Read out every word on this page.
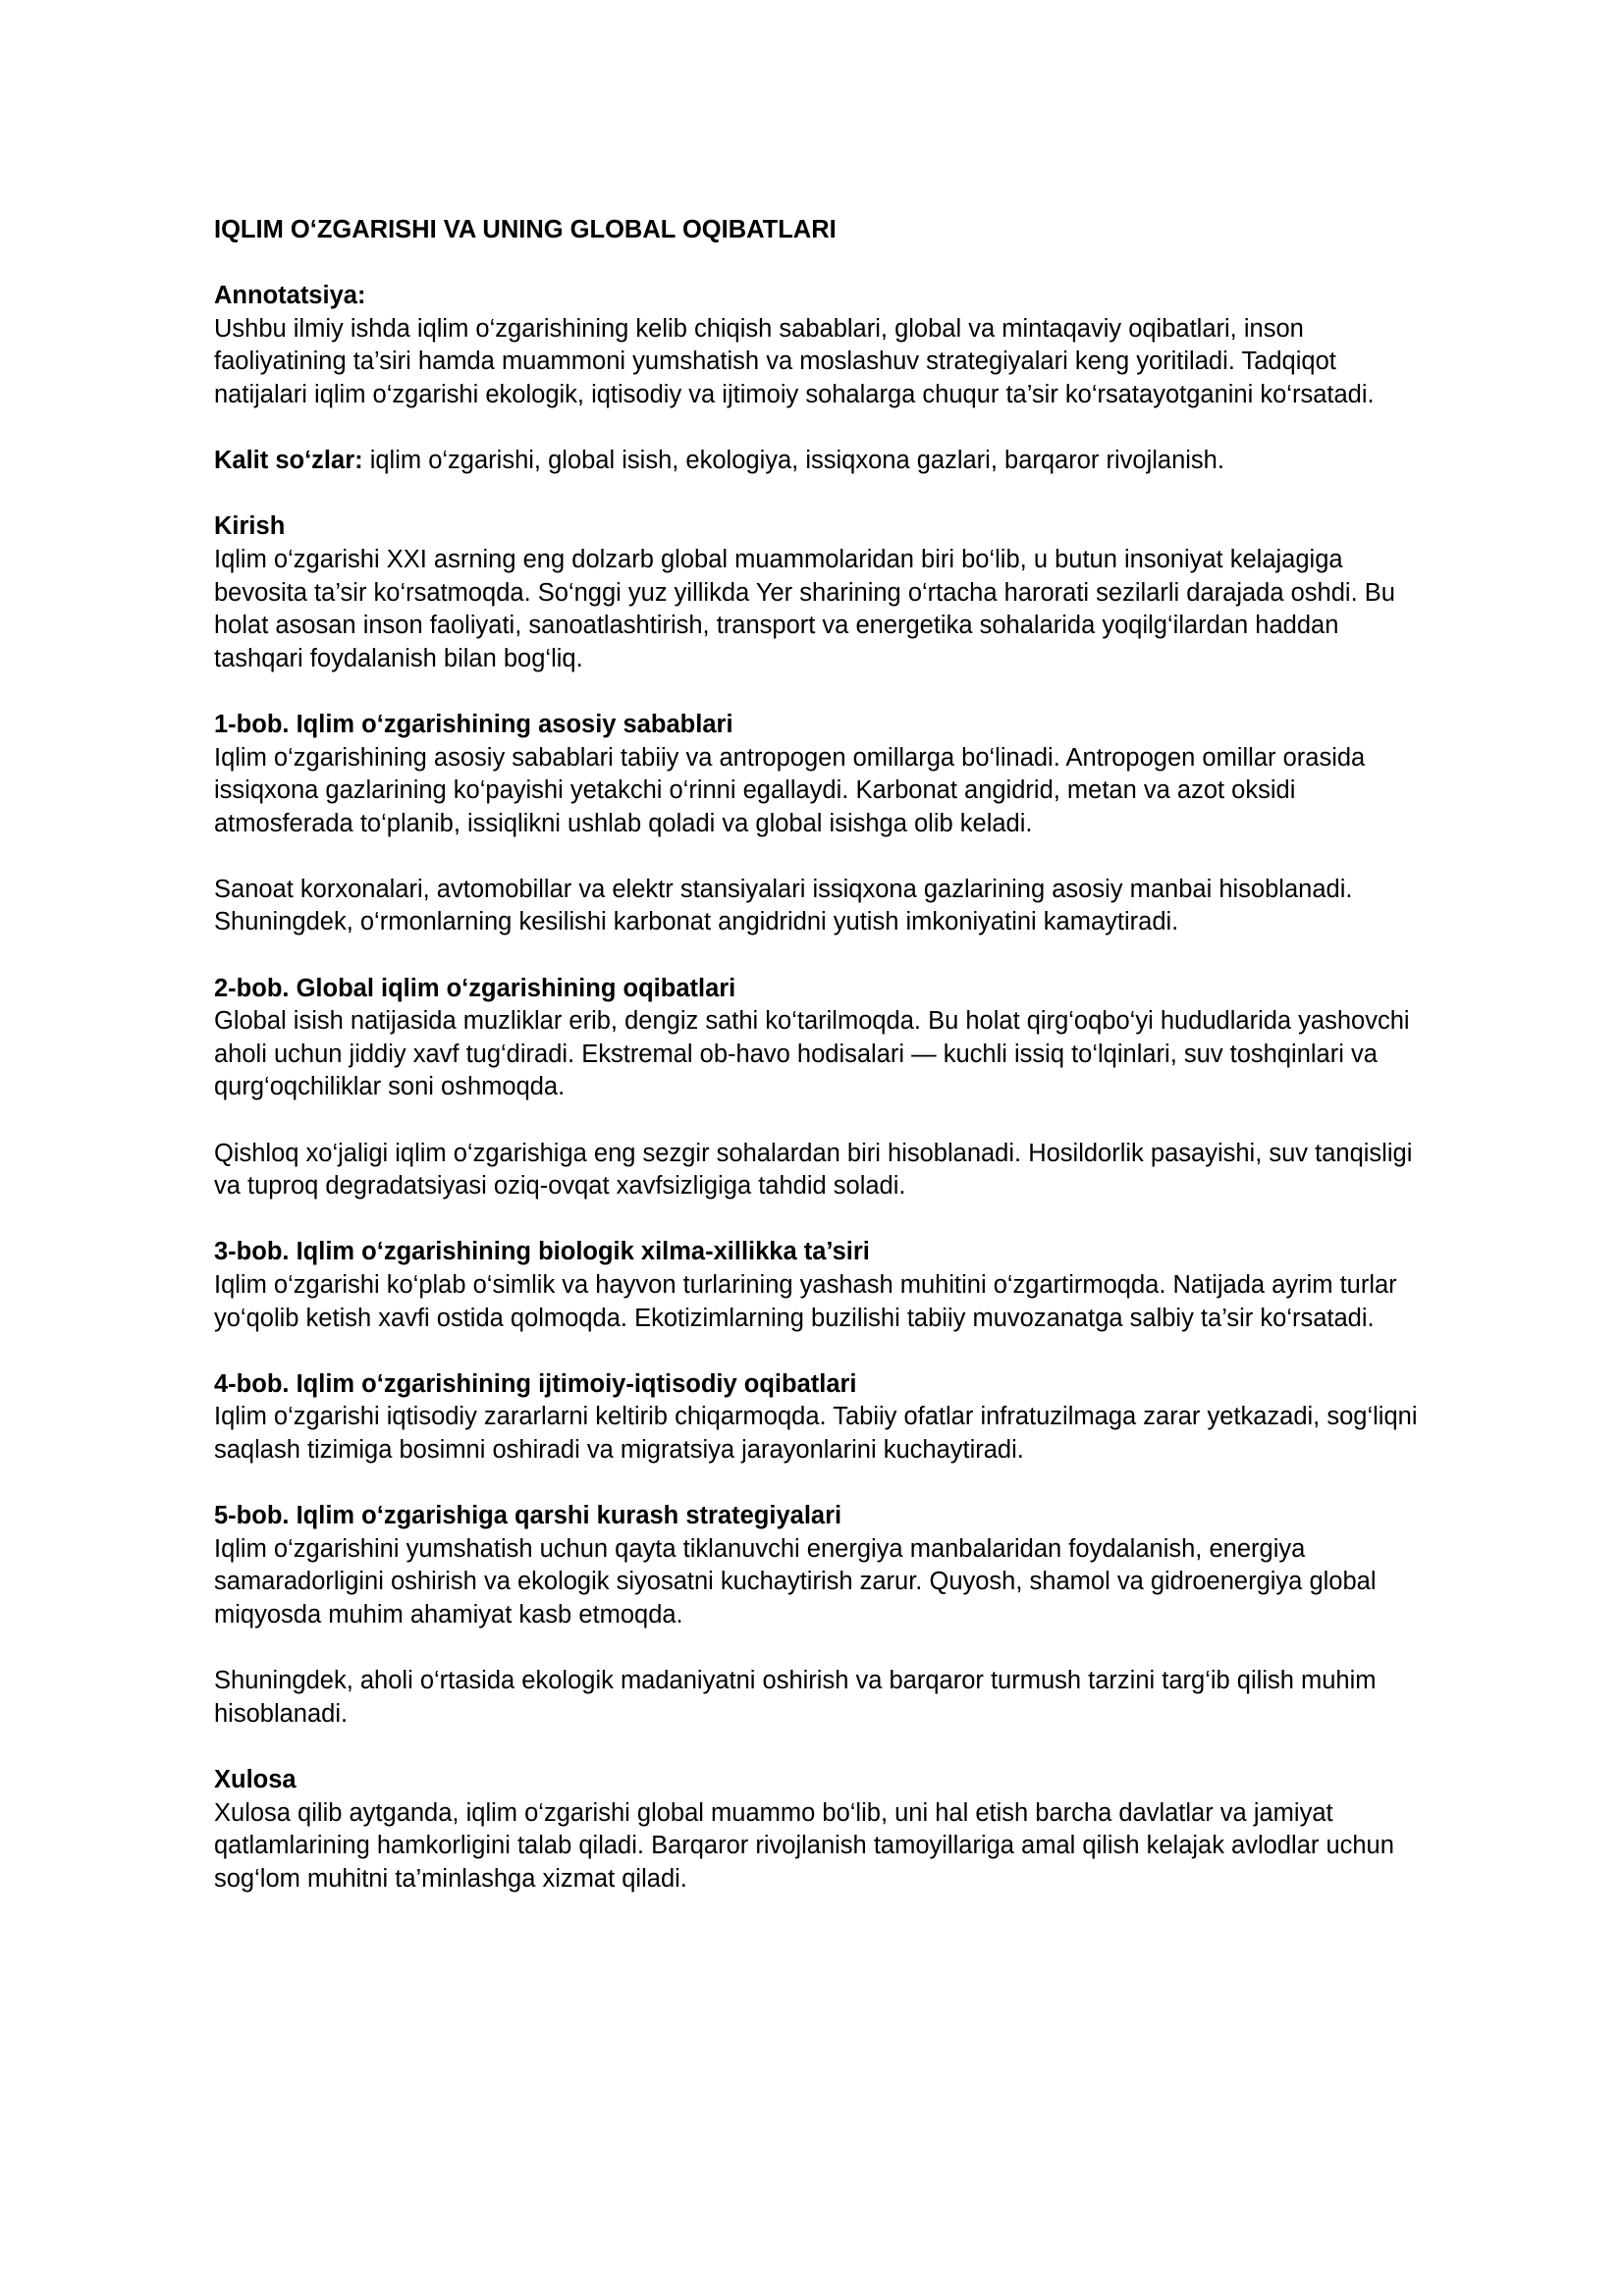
IQLIM O‘ZGARISHI VA UNING GLOBAL OQIBATLARI
Annotatsiya:
Ushbu ilmiy ishda iqlim o‘zgarishining kelib chiqish sabablari, global va mintaqaviy oqibatlari, inson faoliyatining ta’siri hamda muammoni yumshatish va moslashuv strategiyalari keng yoritiladi. Tadqiqot natijalari iqlim o‘zgarishi ekologik, iqtisodiy va ijtimoiy sohalarga chuqur ta’sir ko‘rsatayotganini ko‘rsatadi.
Kalit so‘zlar: iqlim o‘zgarishi, global isish, ekologiya, issiqxona gazlari, barqaror rivojlanish.
Kirish
Iqlim o‘zgarishi XXI asrning eng dolzarb global muammolaridan biri bo‘lib, u butun insoniyat kelajagiga bevosita ta’sir ko‘rsatmoqda. So‘nggi yuz yillikda Yer sharining o‘rtacha harorati sezilarli darajada oshdi. Bu holat asosan inson faoliyati, sanoatlashtirish, transport va energetika sohalarida yoqilg‘ilardan haddan tashqari foydalanish bilan bog‘liq.
1-bob. Iqlim o‘zgarishining asosiy sabablari

Iqlim o‘zgarishining asosiy sabablari tabiiy va antropogen omillarga bo‘linadi. Antropogen omillar orasida issiqxona gazlarining ko‘payishi yetakchi o‘rinni egallaydi. Karbonat angidrid, metan va azot oksidi atmosferada to‘planib, issiqlikni ushlab qoladi va global isishga olib keladi.

Sanoat korxonalari, avtomobillar va elektr stansiyalari issiqxona gazlarining asosiy manbai hisoblanadi. Shuningdek, o‘rmonlarning kesilishi karbonat angidridni yutish imkoniyatini kamaytiradi.

2-bob. Global iqlim o‘zgarishining oqibatlari

Global isish natijasida muzliklar erib, dengiz sathi ko‘tarilmoqda. Bu holat qirg‘oqbo‘yi hududlarida yashovchi aholi uchun jiddiy xavf tug‘diradi. Ekstremal ob-havo hodisalari — kuchli issiq to‘lqinlari, suv toshqinlari va qurg‘oqchiliklar soni oshmoqda.

Qishloq xo‘jaligi iqlim o‘zgarishiga eng sezgir sohalardan biri hisoblanadi. Hosildorlik pasayishi, suv tanqisligi va tuproq degradatsiyasi oziq-ovqat xavfsizligiga tahdid soladi.

3-bob. Iqlim o‘zgarishining biologik xilma-xillikka ta’siri

Iqlim o‘zgarishi ko‘plab o‘simlik va hayvon turlarining yashash muhitini o‘zgartirmoqda. Natijada ayrim turlar yo‘qolib ketish xavfi ostida qolmoqda. Ekotizimlarning buzilishi tabiiy muvozanatga salbiy ta’sir ko‘rsatadi.

4-bob. Iqlim o‘zgarishining ijtimoiy-iqtisodiy oqibatlari

Iqlim o‘zgarishi iqtisodiy zararlarni keltirib chiqarmoqda. Tabiiy ofatlar infratuzilmaga zarar yetkazadi, sog‘liqni saqlash tizimiga bosimni oshiradi va migratsiya jarayonlarini kuchaytiradi.

5-bob. Iqlim o‘zgarishiga qarshi kurash strategiyalari

Iqlim o‘zgarishini yumshatish uchun qayta tiklanuvchi energiya manbalaridan foydalanish, energiya samaradorligini oshirish va ekologik siyosatni kuchaytirish zarur. Quyosh, shamol va gidroenergiya global miqyosda muhim ahamiyat kasb etmoqda.

Shuningdek, aholi o‘rtasida ekologik madaniyatni oshirish va barqaror turmush tarzini targ‘ib qilish muhim hisoblanadi.

Xulosa
Xulosa qilib aytganda, iqlim o‘zgarishi global muammo bo‘lib, uni hal etish barcha davlatlar va jamiyat qatlamlarining hamkorligini talab qiladi. Barqaror rivojlanish tamoyillariga amal qilish kelajak avlodlar uchun sog‘lom muhitni ta’minlashga xizmat qiladi.
